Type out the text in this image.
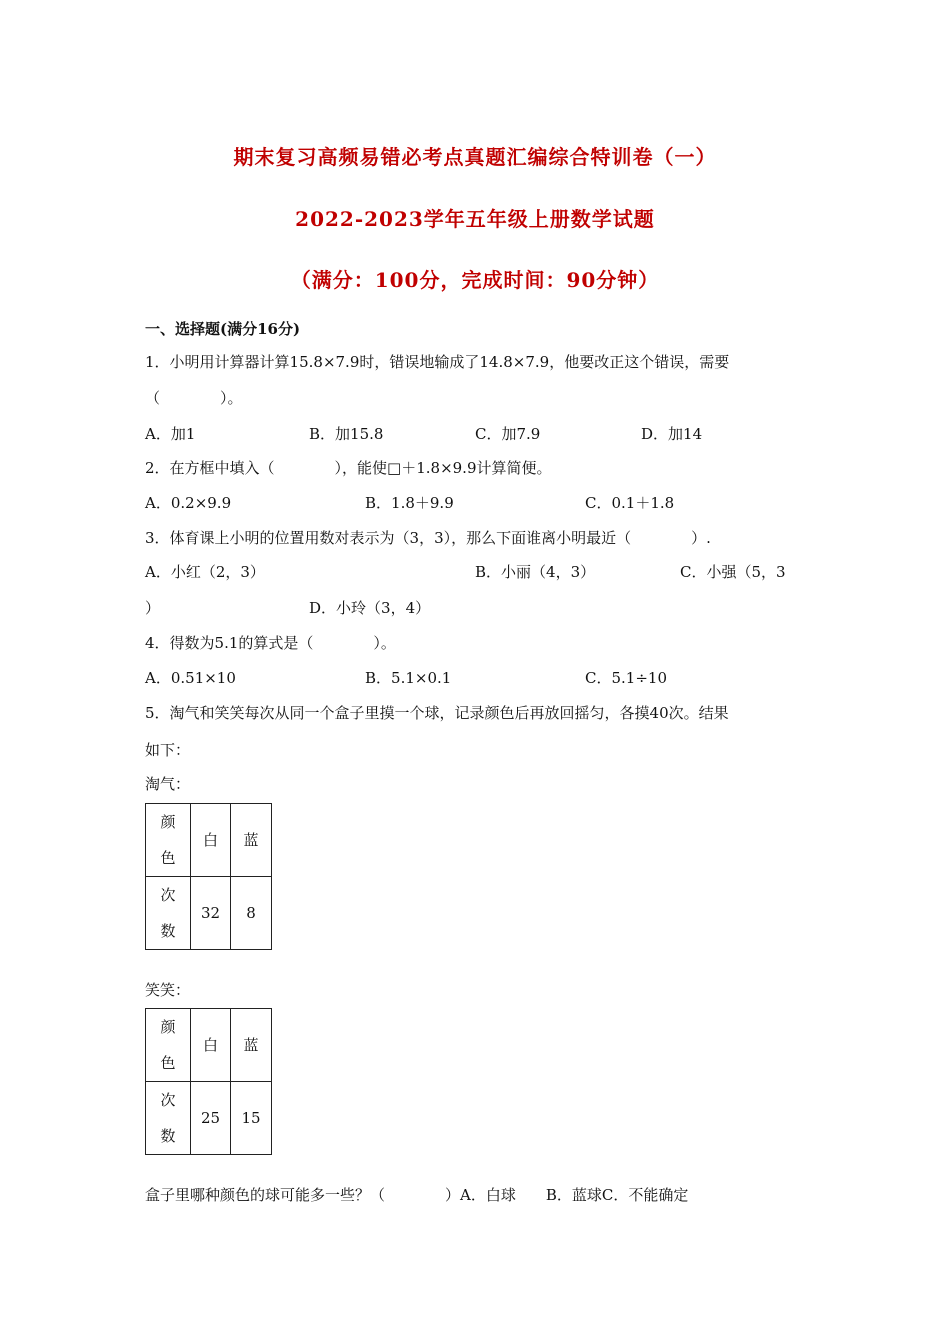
期末复习高频易错必考点真题汇编综合特训卷（一）
2022-2023学年五年级上册数学试题
（满分：100分，完成时间：90分钟）
一、选择题(满分16分)
1．小明用计算器计算15.8×7.9时，错误地输成了14.8×7.9，他要改正这个错误，需要
（　　　　）。
A．加1	B．加15.8	C．加7.9	D．加14
2．在方框中填入（　　　　），能使□＋1.8×9.9计算简便。
A．0.2×9.9	B．1.8＋9.9	C．0.1＋1.8
3．体育课上小明的位置用数对表示为（3，3），那么下面谁离小明最近（　　　　）.
A．小红（2，3）	B．小丽（4，3）	C．小强（5，3
）	D．小玲（3，4）
4．得数为5.1的算式是（　　　　）。
A．0.51×10	B．5.1×0.1	C．5.1÷10
5．淘气和笑笑每次从同一个盒子里摸一个球，记录颜色后再放回摇匀，各摸40次。结果
如下：
淘气：
颜
色	白	蓝

次
数	32	8
笑笑：
颜
色	白	蓝

次
数	25	15
盒子里哪种颜色的球可能多一些？（　　　　）A．白球　　B．蓝球C．不能确定
